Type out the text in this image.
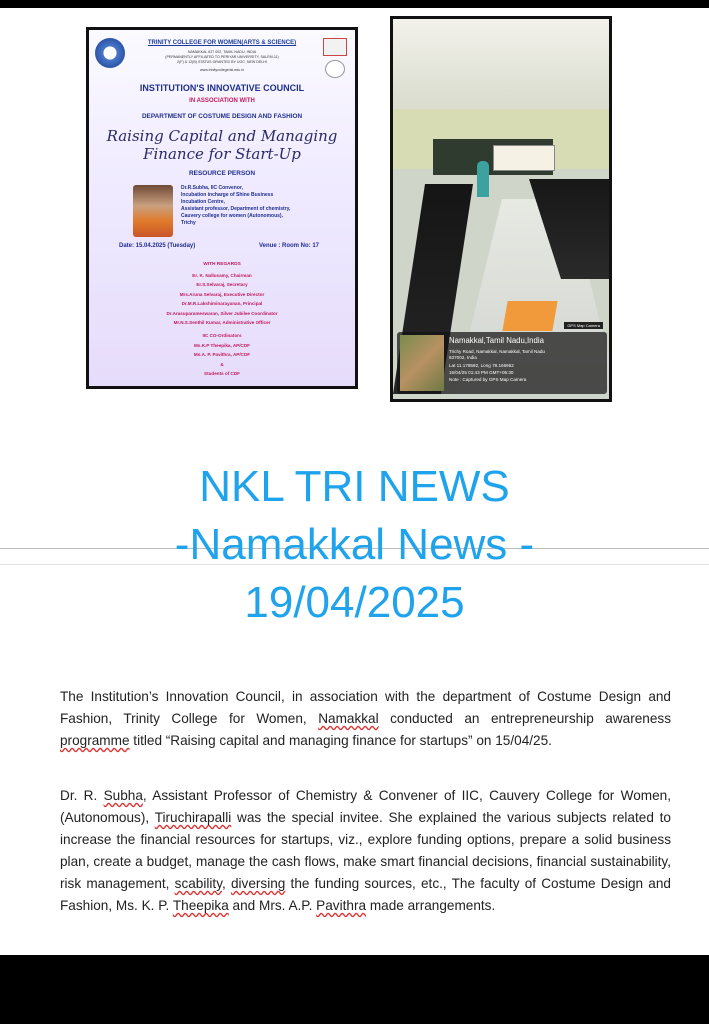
TRINITY COLLEGE FOR WOMEN(ARTS & SCIENCE)
NAMAKKAL 637 002, TAMIL NADU, INDIA
(PERMANENTLY AFFILIATED TO PERIYAR UNIVERSITY, SALEM-11)
2(F) & 12(B) STATUS GRANTED BY UGC, NEW DELHI
www.trinitycollegenkl.edu.in
INSTITUTION'S INNOVATIVE COUNCIL
IN ASSOCIATION WITH
DEPARTMENT OF COSTUME DESIGN AND FASHION
Raising Capital and Managing
Finance for Start-Up
RESOURCE PERSON
Dr.R.Subha, IIC Convenor,
Incubation incharge of Shine Business
Incubation Centre,
Assistant professor, Department of chemistry,
Cauvery college for women (Autonomous),
Trichy
Date: 15.04.2025 (Tuesday)	Venue : Room No: 17
WITH REGARDS
Er. K. Nallusamy, Chairman
Er.S.Selvaraj, Secretary
Mrs.Aruna Selvaraj, Executive Director
Dr.M.R.Lakshiminarayanan, Principal
Dr.Arasuparameswaran, Silver Jubilee Coordinator
Mr.N.S.Senthil Kumar, Administrative Officer
IIC CO-Ordinators
Ms.K.P Theepika, AP/CDF
Ms.A. P. Pavithra, AP/CDF
&
Students of CDF
GPS Map Camera
Namakkal,Tamil Nadu,India
Trichy Road, Namakkal, Namakkal, Tamil Nadu
637002, India
Lat 11.178592, Long 78.166952
15/04/25 01:43 PM GMT+05:30
Note : Captured by GPS Map Camera
NKL TRI NEWS
-Namakkal News -
19/04/2025
The Institution’s Innovation Council, in association with the department of Costume Design and Fashion, Trinity College for Women, Namakkal conducted an entrepreneurship awareness programme titled “Raising capital and managing finance for startups” on 15/04/25.
Dr. R. Subha, Assistant Professor of Chemistry & Convener of IIC, Cauvery College for Women, (Autonomous), Tiruchirapalli was the special invitee. She explained the various subjects related to increase the financial resources for startups, viz., explore funding options, prepare a solid business plan, create a budget, manage the cash flows, make smart financial decisions, financial sustainability, risk management, scability, diversing the funding sources, etc., The faculty of Costume Design and Fashion, Ms. K. P. Theepika and Mrs. A.P. Pavithra made arrangements.
